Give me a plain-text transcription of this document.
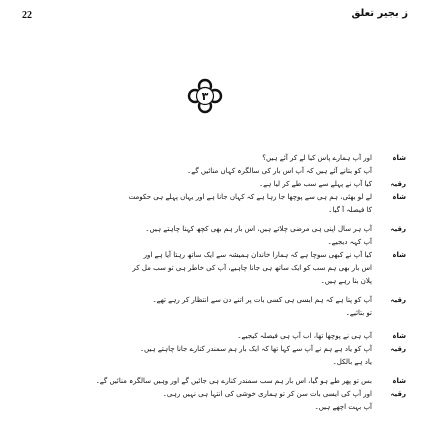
22	ز بجیر تعلق
۳
شاہ
اور آپ ہمارے پاس کیا لے کر آئے ہیں؟
آپ کو بتانے آئے ہیں کہ آپ اس بار کی سالگرہ کہاں منائیں گے۔
رقیہ
کیا آپ نے پہلے سے سب طے کر لیا ہے۔
شاہ
لے لو بھئی، ہم ہی سے پوچھا جا رہا ہے کہ کہاں جانا ہے اور یہاں پہلے ہی حکومت
کا فیصلہ آ گیا۔
رقیہ
آپ ہر سال اپنی ہی مرضی چلاتے ہیں، اس بار ہم بھی کچھ کہنا چاہتے ہیں۔
آپ کہہ دیجیے۔
شاہ
کیا آپ نے کبھی سوچا ہے کہ ہمارا خاندان ہمیشہ سے ایک ساتھ رہتا آیا ہے اور
اس بار بھی ہم سب کو ایک ساتھ ہی جانا چاہیے، آپ کی خاطر ہی تو سب مل کر
پلان بنا رہے ہیں۔
رقیہ
آپ کو پتا ہے کہ ہم ایسی ہی کسی بات پر اتنے دن سے انتظار کر رہے تھے۔
تو بتائیے۔
شاہ
آپ ہی نے پوچھا تھا، اب آپ ہی فیصلہ کیجیے۔
رقیہ
آپ کو یاد ہے ہم نے آپ سے کہا تھا کہ ایک بار ہم سمندر کنارے جانا چاہتے ہیں۔
یاد ہے بالکل۔
شاہ
بس تو پھر طے ہو گیا، اس بار ہم سب سمندر کنارے ہی جائیں گے اور وہیں سالگرہ منائیں گے۔
رقیہ
اور آپ کی ایسی بات سن کر تو ہماری خوشی کی انتہا ہی نہیں رہی۔
آپ بہت اچھے ہیں۔
